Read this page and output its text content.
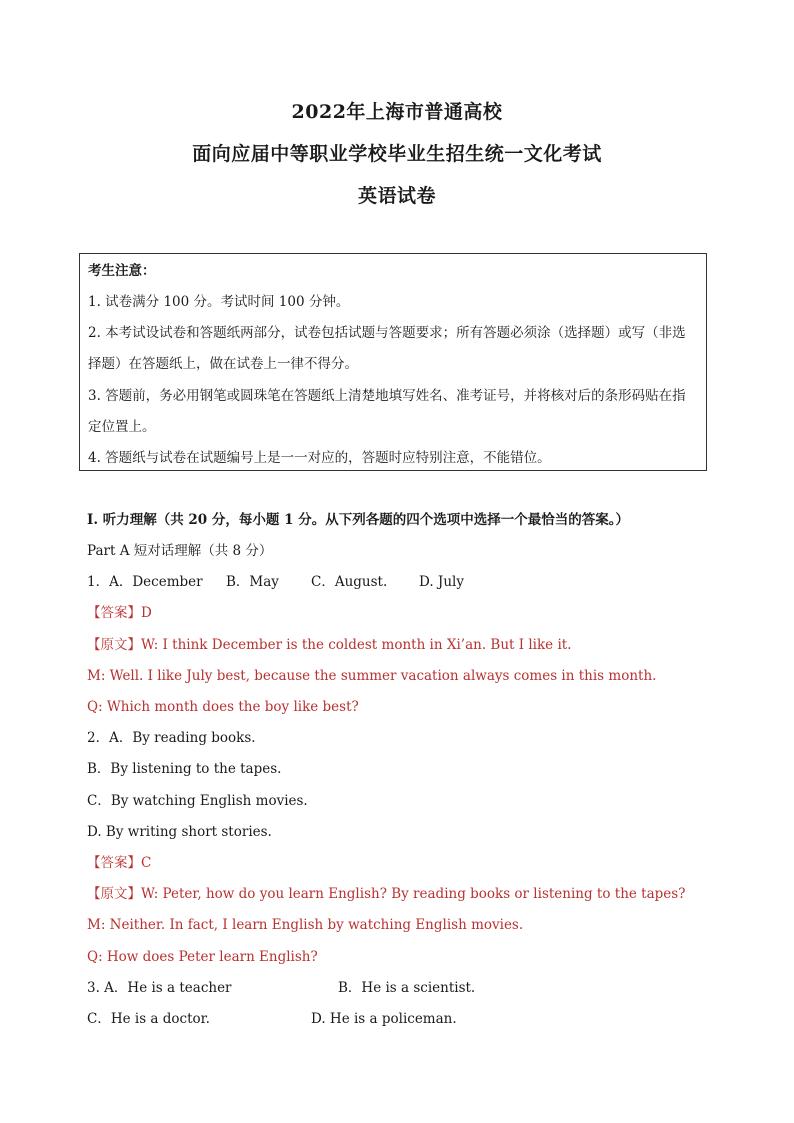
2022年上海市普通高校
面向应届中等职业学校毕业生招生统一文化考试
英语试卷
考生注意：
1. 试卷满分 100 分。考试时间 100 分钟。
2. 本考试设试卷和答题纸两部分，试卷包括试题与答题要求；所有答题必须涂（选择题）或写（非选
择题）在答题纸上，做在试卷上一律不得分。
3. 答题前，务必用钢笔或圆珠笔在答题纸上清楚地填写姓名、准考证号，并将核对后的条形码贴在指
定位置上。
4. 答题纸与试卷在试题编号上是一一对应的，答题时应特别注意，不能错位。
Ⅰ. 听力理解（共 20 分，每小题 1 分。从下列各题的四个选项中选择一个最恰当的答案。）
Part A 短对话理解（共 8 分）
1．A．December B．May C．August. D. July
【答案】D
【原文】W: I think December is the coldest month in Xi’an. But I like it.
M: Well. I like July best, because the summer vacation always comes in this month.
Q: Which month does the boy like best?
2．A．By reading books.
B．By listening to the tapes.
C．By watching English movies.
D. By writing short stories.
【答案】C
【原文】W: Peter, how do you learn English? By reading books or listening to the tapes?
M: Neither. In fact, I learn English by watching English movies.
Q: How does Peter learn English?
3. A．He is a teacher	B．He is a scientist.
C．He is a doctor.	D. He is a policeman.
